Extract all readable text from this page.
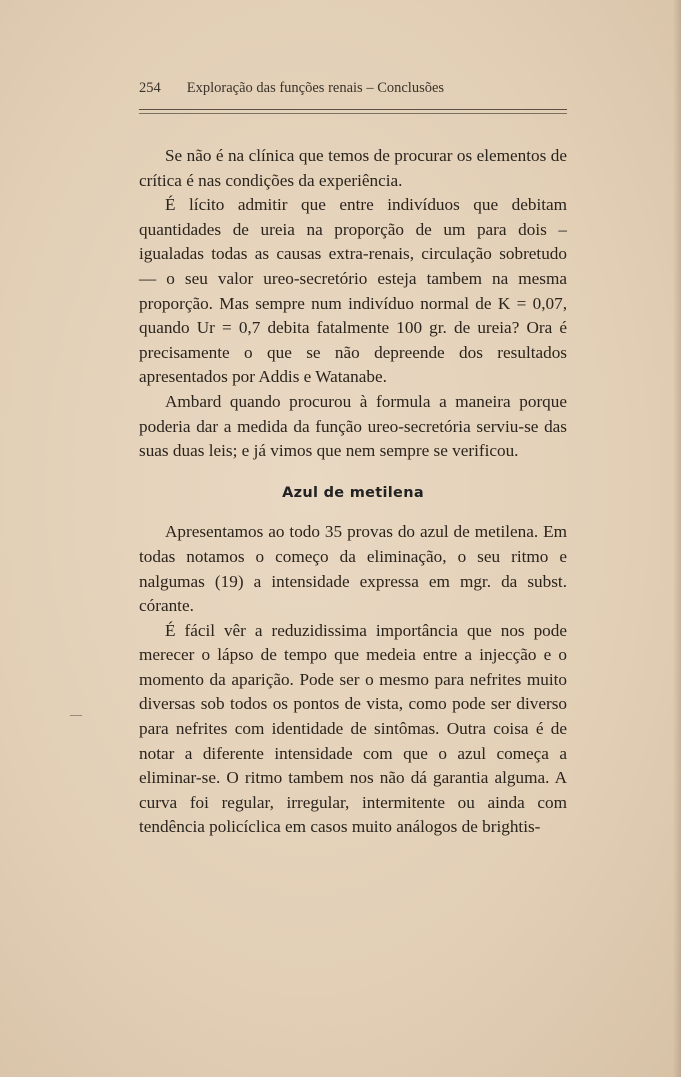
254 Exploração das funções renais – Conclusões

Se não é na clínica que temos de procurar os elementos de crítica é nas condições da experiência.

É lícito admitir que entre indivíduos que debitam quantidades de ureia na proporção de um para dois – igualadas todas as causas extra-renais, circulação sobretudo — o seu valor ureo-secretório esteja tambem na mesma proporção. Mas sempre num indivíduo normal de K = 0,07, quando Ur = 0,7 debita fatalmente 100 gr. de ureia? Ora é precisamente o que se não depreende dos resultados apresentados por Addis e Watanabe.

Ambard quando procurou à formula a maneira porque poderia dar a medida da função ureo-secretória serviu-se das suas duas leis; e já vimos que nem sempre se verificou.

Azul de metilena

Apresentamos ao todo 35 provas do azul de metilena. Em todas notamos o começo da eliminação, o seu ritmo e nalgumas (19) a intensidade expressa em mgr. da subst. córante.

É fácil vêr a reduzidissima importância que nos pode merecer o lápso de tempo que medeia entre a injecção e o momento da aparição. Pode ser o mesmo para nefrites muito diversas sob todos os pontos de vista, como pode ser diverso para nefrites com identidade de sintômas. Outra coisa é de notar a diferente intensidade com que o azul começa a eliminar-se. O ritmo tambem nos não dá garantia alguma. A curva foi regular, irregular, intermitente ou ainda com tendência policíclica em casos muito análogos de brightis-
